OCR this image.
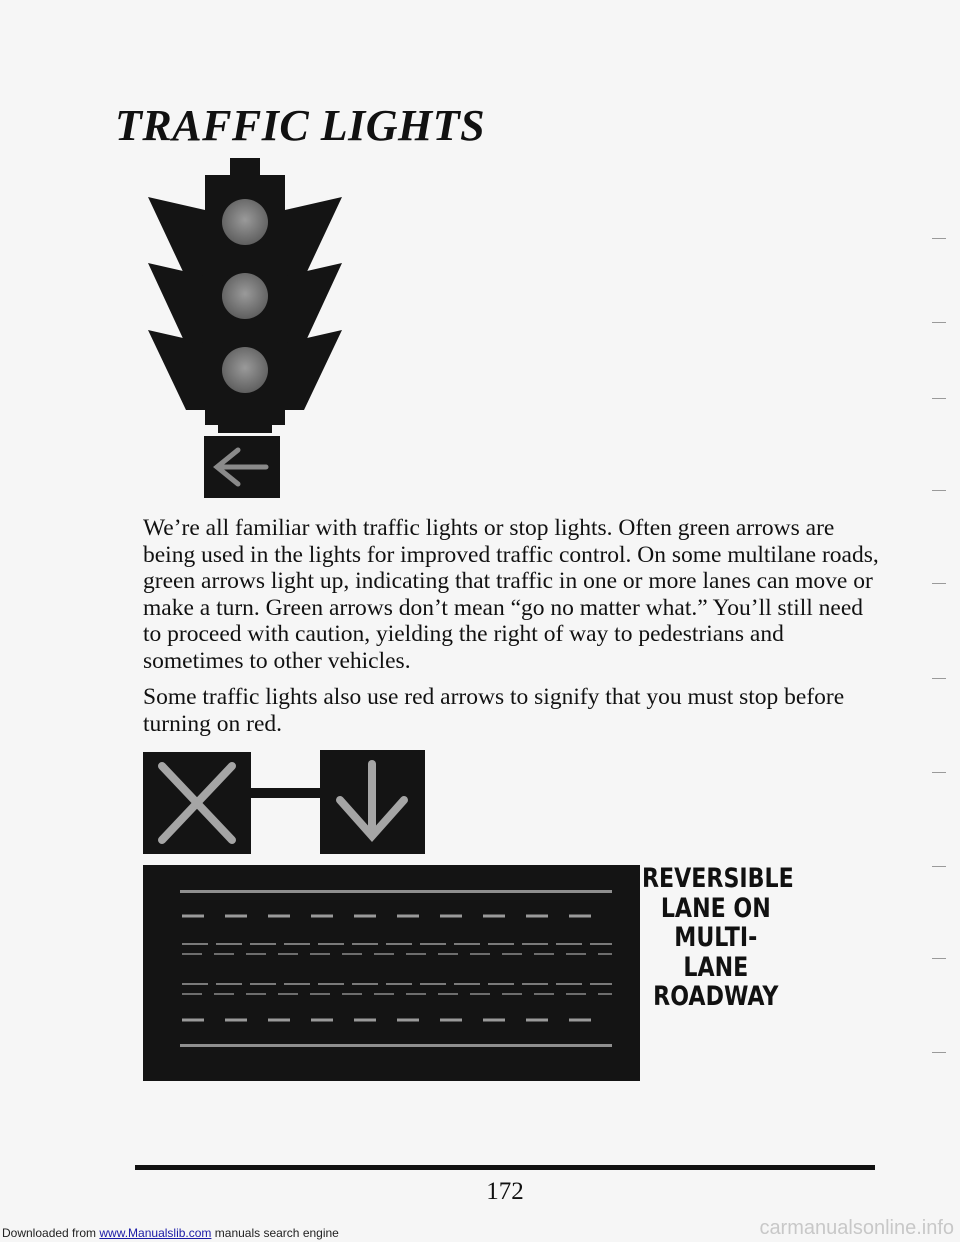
TRAFFIC LIGHTS

We’re all familiar with traffic lights or stop lights. Often green arrows are being used in the lights for improved traffic control. On some multilane roads, green arrows light up, indicating that traffic in one or more lanes can move or make a turn. Green arrows don’t mean “go no matter what.” You’ll still need to proceed with caution, yielding the right of way to pedestrians and sometimes to other vehicles.

Some traffic lights also use red arrows to signify that you must stop before turning on red.

REVERSIBLE
LANE ON
MULTI-
LANE
ROADWAY
172
Downloaded from www.Manualslib.com manuals search engine	carmanualsonline.info
